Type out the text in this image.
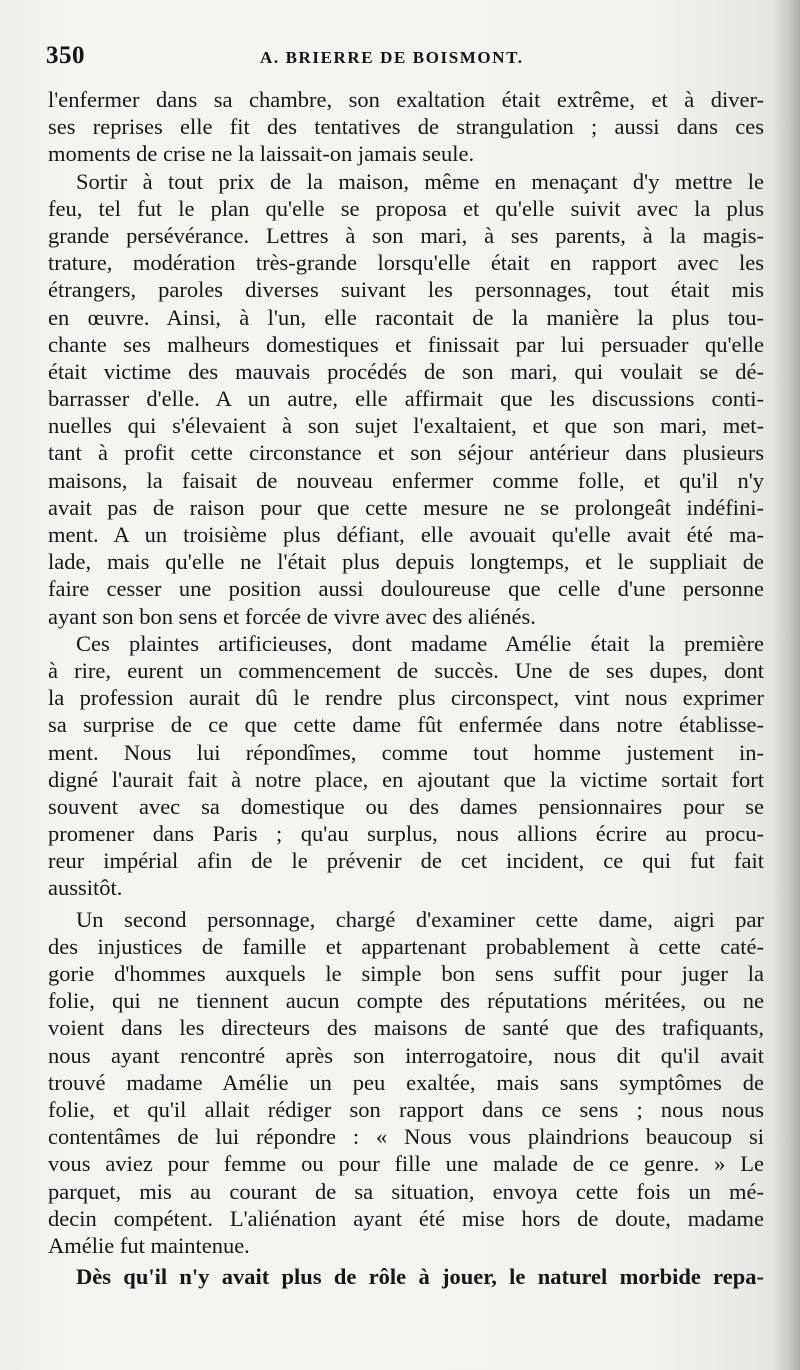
350	A. BRIERRE DE BOISMONT.
l'enfermer dans sa chambre, son exaltation était extrême, et à diver-
ses reprises elle fit des tentatives de strangulation ; aussi dans ces
moments de crise ne la laissait-on jamais seule.
Sortir à tout prix de la maison, même en menaçant d'y mettre le
feu, tel fut le plan qu'elle se proposa et qu'elle suivit avec la plus
grande persévérance. Lettres à son mari, à ses parents, à la magis-
trature, modération très-grande lorsqu'elle était en rapport avec les
étrangers, paroles diverses suivant les personnages, tout était mis
en œuvre. Ainsi, à l'un, elle racontait de la manière la plus tou-
chante ses malheurs domestiques et finissait par lui persuader qu'elle
était victime des mauvais procédés de son mari, qui voulait se dé-
barrasser d'elle. A un autre, elle affirmait que les discussions conti-
nuelles qui s'élevaient à son sujet l'exaltaient, et que son mari, met-
tant à profit cette circonstance et son séjour antérieur dans plusieurs
maisons, la faisait de nouveau enfermer comme folle, et qu'il n'y
avait pas de raison pour que cette mesure ne se prolongeât indéfini-
ment. A un troisième plus défiant, elle avouait qu'elle avait été ma-
lade, mais qu'elle ne l'était plus depuis longtemps, et le suppliait de
faire cesser une position aussi douloureuse que celle d'une personne
ayant son bon sens et forcée de vivre avec des aliénés.
Ces plaintes artificieuses, dont madame Amélie était la première
à rire, eurent un commencement de succès. Une de ses dupes, dont
la profession aurait dû le rendre plus circonspect, vint nous exprimer
sa surprise de ce que cette dame fût enfermée dans notre établisse-
ment. Nous lui répondîmes, comme tout homme justement in-
digné l'aurait fait à notre place, en ajoutant que la victime sortait fort
souvent avec sa domestique ou des dames pensionnaires pour se
promener dans Paris ; qu'au surplus, nous allions écrire au procu-
reur impérial afin de le prévenir de cet incident, ce qui fut fait
aussitôt.
Un second personnage, chargé d'examiner cette dame, aigri par
des injustices de famille et appartenant probablement à cette caté-
gorie d'hommes auxquels le simple bon sens suffit pour juger la
folie, qui ne tiennent aucun compte des réputations méritées, ou ne
voient dans les directeurs des maisons de santé que des trafiquants,
nous ayant rencontré après son interrogatoire, nous dit qu'il avait
trouvé madame Amélie un peu exaltée, mais sans symptômes de
folie, et qu'il allait rédiger son rapport dans ce sens ; nous nous
contentâmes de lui répondre : « Nous vous plaindrions beaucoup si
vous aviez pour femme ou pour fille une malade de ce genre. » Le
parquet, mis au courant de sa situation, envoya cette fois un mé-
decin compétent. L'aliénation ayant été mise hors de doute, madame
Amélie fut maintenue.
Dès qu'il n'y avait plus de rôle à jouer, le naturel morbide repa-
